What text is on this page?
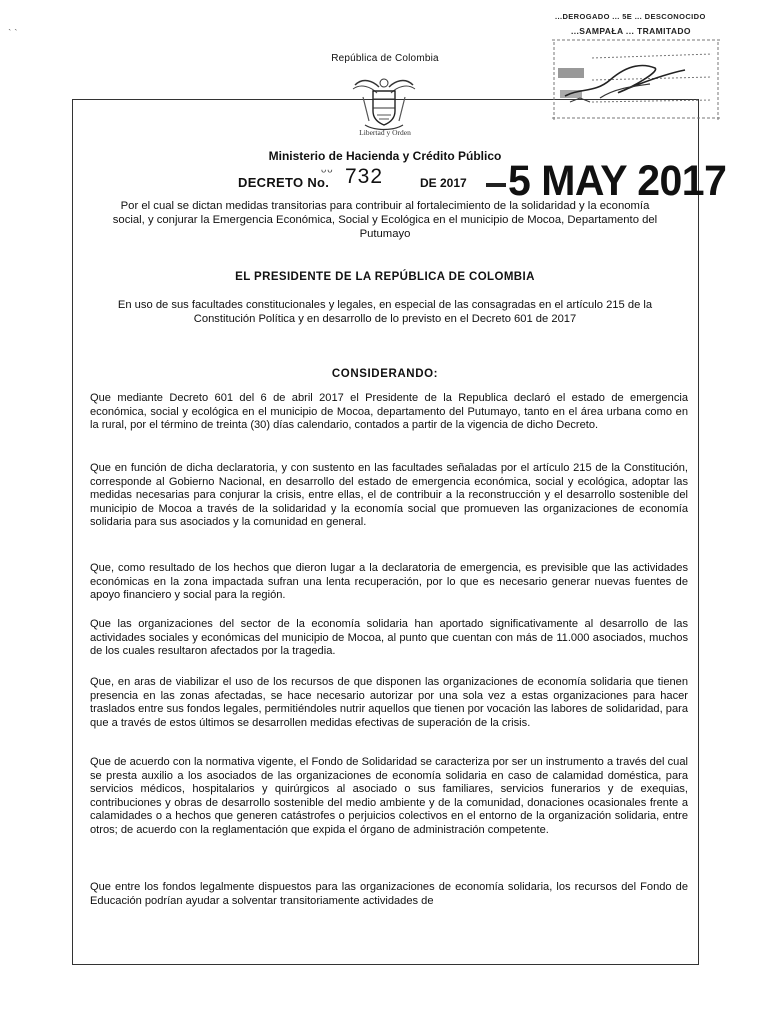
˴ ˴
...DEROGADO ... 5E ... DESCONOCIDO
...SAMPAŁA ... TRAMITADO
República de Colombia
Libertad y Orden
Ministerio de Hacienda y Crédito Público
DECRETO No.
ᵕᵕ 732	DE 2017 5 MAY 2017
Por el cual se dictan medidas transitorias para contribuir al fortalecimiento de la solidaridad y la economía social, y conjurar la Emergencia Económica, Social y Ecológica en el municipio de Mocoa, Departamento del Putumayo
EL PRESIDENTE DE LA REPÚBLICA DE COLOMBIA
En uso de sus facultades constitucionales y legales, en especial de las consagradas en el artículo 215 de la Constitución Política y en desarrollo de lo previsto en el Decreto 601 de 2017
CONSIDERANDO:
Que mediante Decreto 601 del 6 de abril 2017 el Presidente de la Republica declaró el estado de emergencia económica, social y ecológica en el municipio de Mocoa, departamento del Putumayo, tanto en el área urbana como en la rural, por el término de treinta (30) días calendario, contados a partir de la vigencia de dicho Decreto.
Que en función de dicha declaratoria, y con sustento en las facultades señaladas por el artículo 215 de la Constitución, corresponde al Gobierno Nacional, en desarrollo del estado de emergencia económica, social y ecológica, adoptar las medidas necesarias para conjurar la crisis, entre ellas, el de contribuir a la reconstrucción y el desarrollo sostenible del municipio de Mocoa a través de la solidaridad y la economía social que promueven las organizaciones de economía solidaria para sus asociados y la comunidad en general.
Que, como resultado de los hechos que dieron lugar a la declaratoria de emergencia, es previsible que las actividades económicas en la zona impactada sufran una lenta recuperación, por lo que es necesario generar nuevas fuentes de apoyo financiero y social para la región.
Que las organizaciones del sector de la economía solidaria han aportado significativamente al desarrollo de las actividades sociales y económicas del municipio de Mocoa, al punto que cuentan con más de 11.000 asociados, muchos de los cuales resultaron afectados por la tragedia.
Que, en aras de viabilizar el uso de los recursos de que disponen las organizaciones de economía solidaria que tienen presencia en las zonas afectadas, se hace necesario autorizar por una sola vez a estas organizaciones para hacer traslados entre sus fondos legales, permitiéndoles nutrir aquellos que tienen por vocación las labores de solidaridad, para que a través de estos últimos se desarrollen medidas efectivas de superación de la crisis.
Que de acuerdo con la normativa vigente, el Fondo de Solidaridad se caracteriza por ser un instrumento a través del cual se presta auxilio a los asociados de las organizaciones de economía solidaria en caso de calamidad doméstica, para servicios médicos, hospitalarios y quirúrgicos al asociado o sus familiares, servicios funerarios y de exequias, contribuciones y obras de desarrollo sostenible del medio ambiente y de la comunidad, donaciones ocasionales frente a calamidades o a hechos que generen catástrofes o perjuicios colectivos en el entorno de la organización solidaria, entre otros; de acuerdo con la reglamentación que expida el órgano de administración competente.
Que entre los fondos legalmente dispuestos para las organizaciones de economía solidaria, los recursos del Fondo de Educación podrían ayudar a solventar transitoriamente actividades de
